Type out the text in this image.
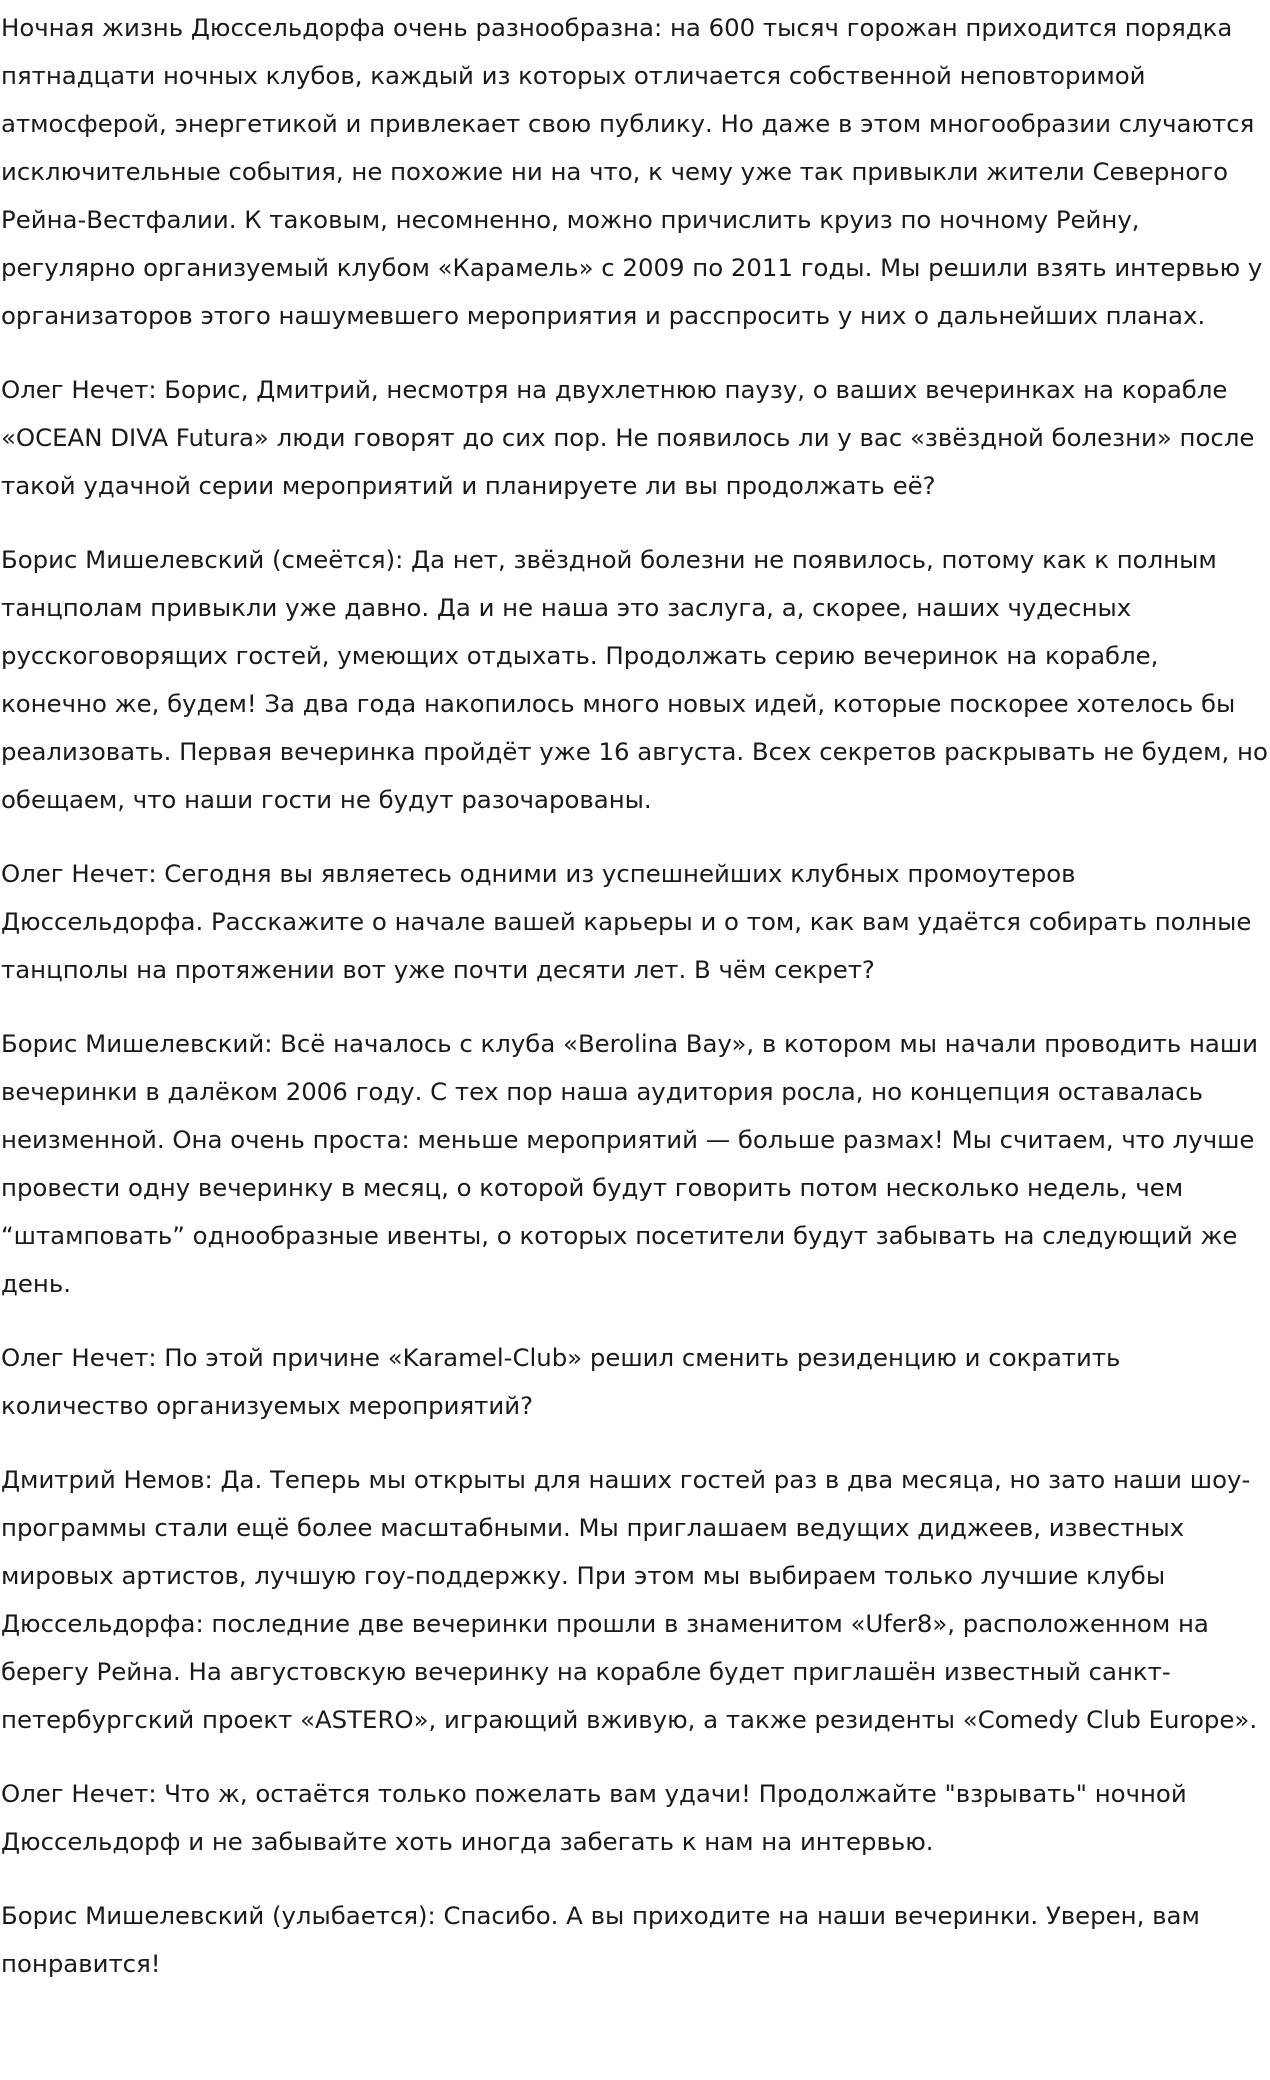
Ночная жизнь Дюссельдорфа очень разнообразна: на 600 тысяч горожан приходится порядка пятнадцати ночных клубов, каждый из которых отличается собственной неповторимой атмосферой, энергетикой и привлекает свою публику. Но даже в этом многообразии случаются исключительные события, не похожие ни на что, к чему уже так привыкли жители Северного Рейна-Вестфалии. К таковым, несомненно, можно причислить круиз по ночному Рейну, регулярно организуемый клубом «Карамель» с 2009 по 2011 годы. Мы решили взять интервью у организаторов этого нашумевшего мероприятия и расспросить у них о дальнейших планах.

Олег Нечет: Борис, Дмитрий, несмотря на двухлетнюю паузу, о ваших вечеринках на корабле «OCEAN DIVA Futura» люди говорят до сих пор. Не появилось ли у вас «звёздной болезни» после такой удачной серии мероприятий и планируете ли вы продолжать её?

Борис Мишелевский (смеётся): Да нет, звёздной болезни не появилось, потому как к полным танцполам привыкли уже давно. Да и не наша это заслуга, а, скорее, наших чудесных русскоговорящих гостей, умеющих отдыхать. Продолжать серию вечеринок на корабле, конечно же, будем! За два года накопилось много новых идей, которые поскорее хотелось бы реализовать. Первая вечеринка пройдёт уже 16 августа. Всех секретов раскрывать не будем, но обещаем, что наши гости не будут разочарованы.

Олег Нечет: Сегодня вы являетесь одними из успешнейших клубных промоутеров Дюссельдорфа. Расскажите о начале вашей карьеры и о том, как вам удаётся собирать полные танцполы на протяжении вот уже почти десяти лет. В чём секрет?

Борис Мишелевский: Всё началось с клуба «Berolina Bay», в котором мы начали проводить наши вечеринки в далёком 2006 году. С тех пор наша аудитория росла, но концепция оставалась неизменной. Она очень проста: меньше мероприятий — больше размах! Мы считаем, что лучше провести одну вечеринку в месяц, о которой будут говорить потом несколько недель, чем “штамповать” однообразные ивенты, о которых посетители будут забывать на следующий же день.

Олег Нечет: По этой причине «Karamel-Club» решил сменить резиденцию и сократить количество организуемых мероприятий?

Дмитрий Немов: Да. Теперь мы открыты для наших гостей раз в два месяца, но зато наши шоу-программы стали ещё более масштабными. Мы приглашаем ведущих диджеев, известных мировых артистов, лучшую гоу-поддержку. При этом мы выбираем только лучшие клубы Дюссельдорфа: последние две вечеринки прошли в знаменитом «Ufer8», расположенном на берегу Рейна. На августовскую вечеринку на корабле будет приглашён известный санкт-петербургский проект «ASTERO», играющий вживую, а также резиденты «Comedy Club Europe».

Олег Нечет: Что ж, остаётся только пожелать вам удачи! Продолжайте "взрывать" ночной Дюссельдорф и не забывайте хоть иногда забегать к нам на интервью.

Борис Мишелевский (улыбается): Спасибо. А вы приходите на наши вечеринки. Уверен, вам понравится!
